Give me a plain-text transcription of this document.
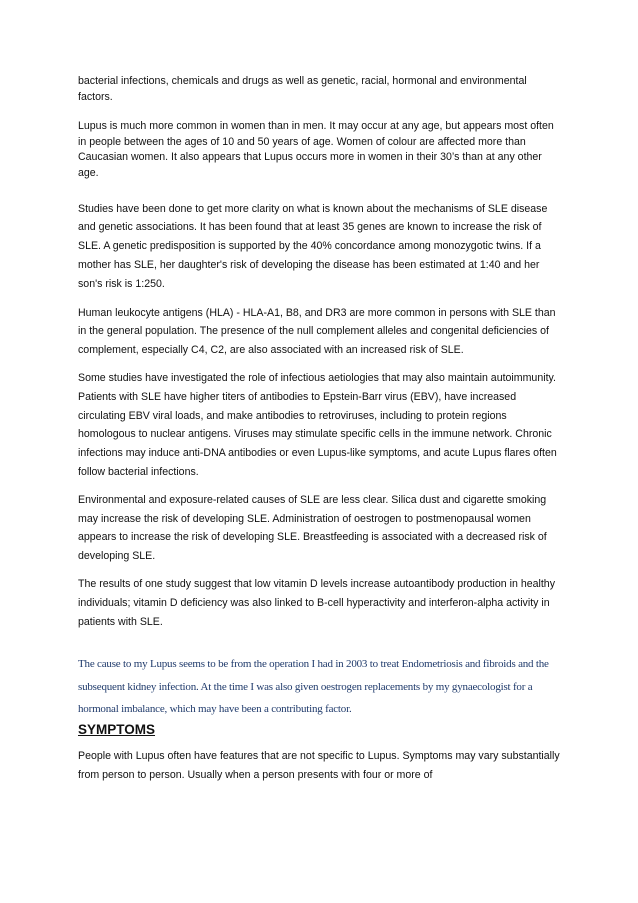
bacterial infections, chemicals and drugs as well as genetic, racial, hormonal and environmental factors.

Lupus is much more common in women than in men. It may occur at any age, but appears most often in people between the ages of 10 and 50 years of age. Women of colour are affected more than Caucasian women. It also appears that Lupus occurs more in women in their 30’s than at any other age.

Studies have been done to get more clarity on what is known about the mechanisms of SLE disease and genetic associations. It has been found that at least 35 genes are known to increase the risk of SLE. A genetic predisposition is supported by the 40% concordance among monozygotic twins. If a mother has SLE, her daughter's risk of developing the disease has been estimated at 1:40 and her son's risk is 1:250.

Human leukocyte antigens (HLA) - HLA-A1, B8, and DR3 are more common in persons with SLE than in the general population. The presence of the null complement alleles and congenital deficiencies of complement, especially C4, C2, are also associated with an increased risk of SLE.

Some studies have investigated the role of infectious aetiologies that may also maintain autoimmunity. Patients with SLE have higher titers of antibodies to Epstein-Barr virus (EBV), have increased circulating EBV viral loads, and make antibodies to retroviruses, including to protein regions homologous to nuclear antigens. Viruses may stimulate specific cells in the immune network. Chronic infections may induce anti-DNA antibodies or even Lupus-like symptoms, and acute Lupus flares often follow bacterial infections.

Environmental and exposure-related causes of SLE are less clear. Silica dust and cigarette smoking may increase the risk of developing SLE. Administration of oestrogen to postmenopausal women appears to increase the risk of developing SLE. Breastfeeding is associated with a decreased risk of developing SLE.

The results of one study suggest that low vitamin D levels increase autoantibody production in healthy individuals; vitamin D deficiency was also linked to B-cell hyperactivity and interferon-alpha activity in patients with SLE.

The cause to my Lupus seems to be from the operation I had in 2003 to treat Endometriosis and fibroids and the subsequent kidney infection. At the time I was also given oestrogen replacements by my gynaecologist for a hormonal imbalance, which may have been a contributing factor.

SYMPTOMS

People with Lupus often have features that are not specific to Lupus. Symptoms may vary substantially from person to person. Usually when a person presents with four or more of
